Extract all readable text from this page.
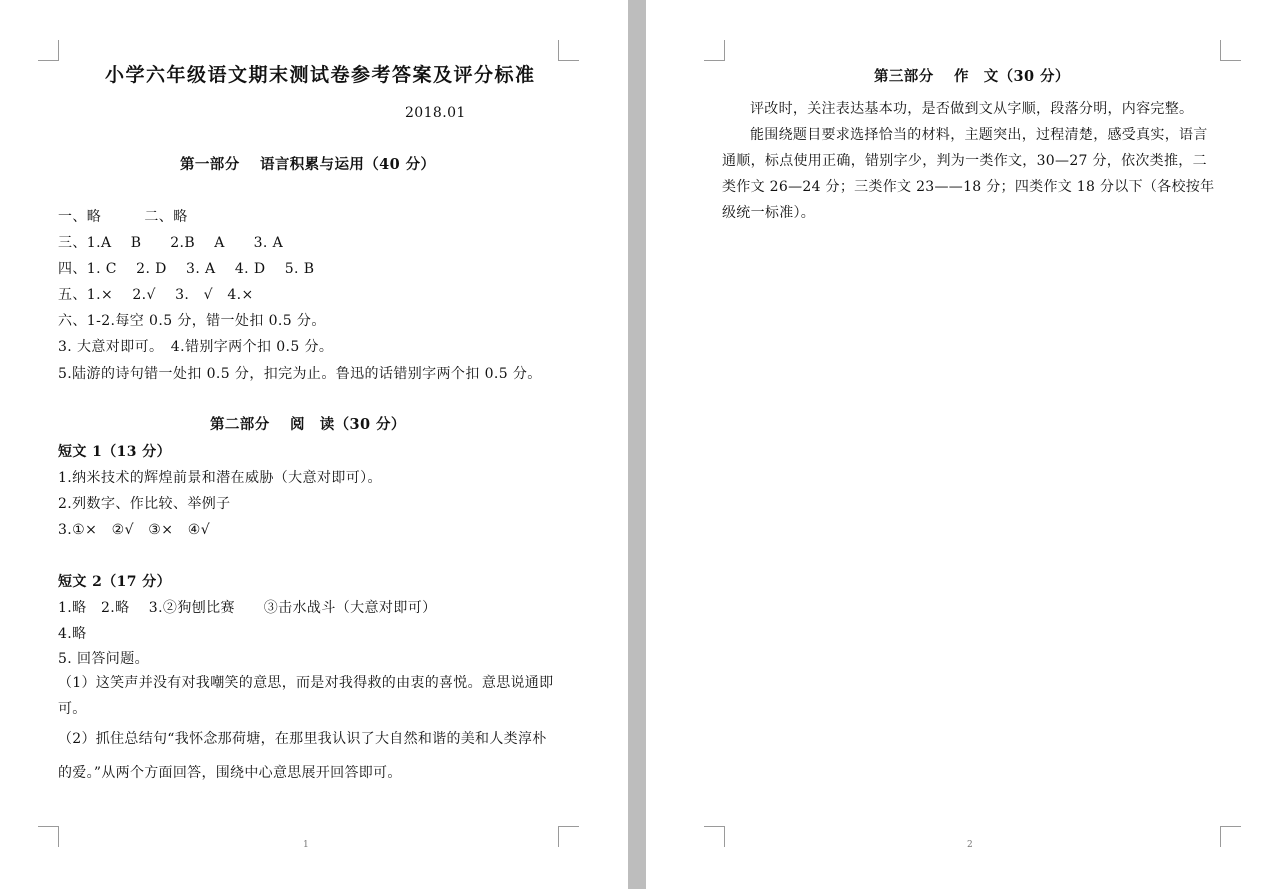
小学六年级语文期末测试卷参考答案及评分标准
2018.01
第一部分　 语言积累与运用（40 分）
一、略　　　二、略
三、1.A　 B　　2.B　 A　　3. A
四、1. C　 2. D　 3. A　 4. D　 5. B
五、1.×　 2.√　 3.　√　4.×
六、1-2.每空 0.5 分，错一处扣 0.5 分。
3. 大意对即可。　4.错别字两个扣 0.5 分。
5.陆游的诗句错一处扣 0.5 分，扣完为止。鲁迅的话错别字两个扣 0.5 分。
第二部分　 阅　读（30 分）
短文 1（13 分）
1.纳米技术的辉煌前景和潜在威胁（大意对即可）。
2.列数字、作比较、举例子
3.①×　②√　③×　④√
短文 2（17 分）
1.略　2.略　 3.②狗刨比赛　　③击水战斗（大意对即可）
4.略
5. 回答问题。
（1）这笑声并没有对我嘲笑的意思，而是对我得救的由衷的喜悦。意思说通即可。
（2）抓住总结句“我怀念那荷塘，在那里我认识了大自然和谐的美和人类淳朴的爱。”从两个方面回答，围绕中心意思展开回答即可。
1
第三部分　 作　文（30 分）
评改时，关注表达基本功，是否做到文从字顺，段落分明，内容完整。
能围绕题目要求选择恰当的材料，主题突出，过程清楚，感受真实，语言通顺，标点使用正确，错别字少，判为一类作文，30—27 分，依次类推，二类作文 26—24 分；三类作文 23——18 分；四类作文 18 分以下（各校按年级统一标准）。
2
